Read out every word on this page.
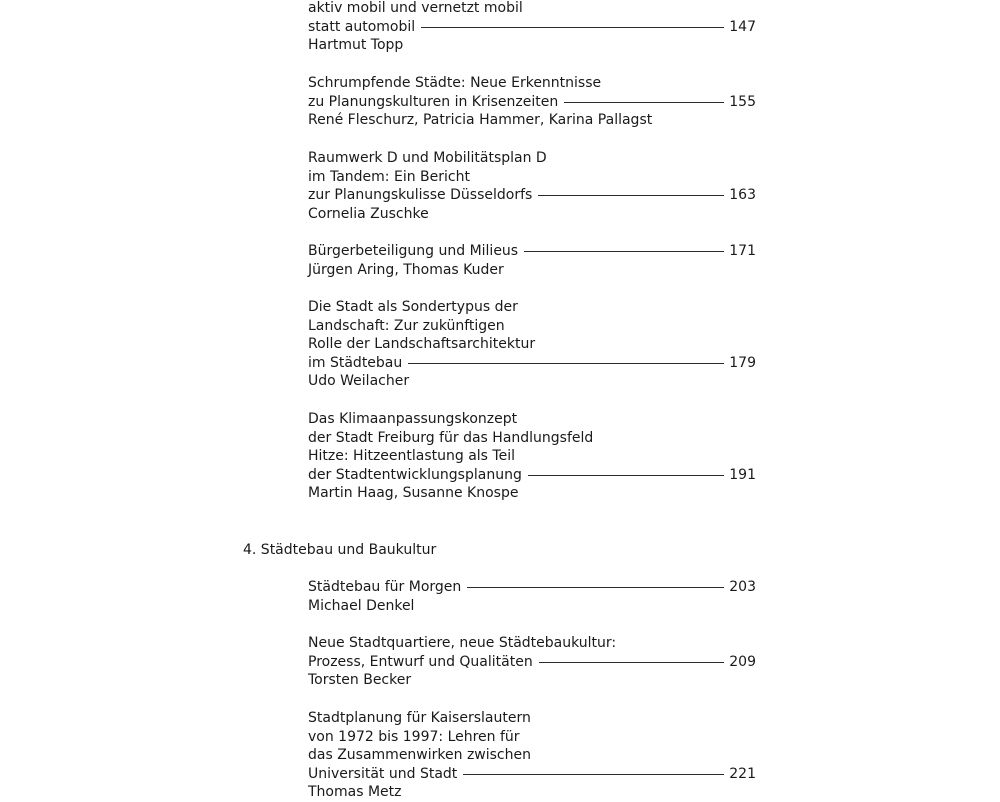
aktiv mobil und vernetzt mobil
statt automobil	147
Hartmut Topp
Schrumpfende Städte: Neue Erkenntnisse
zu Planungskulturen in Krisenzeiten	155
René Fleschurz, Patricia Hammer, Karina Pallagst
Raumwerk D und Mobilitätsplan D
im Tandem: Ein Bericht
zur Planungskulisse Düsseldorfs	163
Cornelia Zuschke
Bürgerbeteiligung und Milieus	171
Jürgen Aring, Thomas Kuder
Die Stadt als Sondertypus der
Landschaft: Zur zukünftigen
Rolle der Landschaftsarchitektur
im Städtebau	179
Udo Weilacher
Das Klimaanpassungskonzept
der Stadt Freiburg für das Handlungsfeld
Hitze: Hitzeentlastung als Teil
der Stadtentwicklungsplanung	191
Martin Haag, Susanne Knospe
4. Städtebau und Baukultur
Städtebau für Morgen	203
Michael Denkel
Neue Stadtquartiere, neue Städtebaukultur:
Prozess, Entwurf und Qualitäten	209
Torsten Becker
Stadtplanung für Kaiserslautern
von 1972 bis 1997: Lehren für
das Zusammenwirken zwischen
Universität und Stadt	221
Thomas Metz
